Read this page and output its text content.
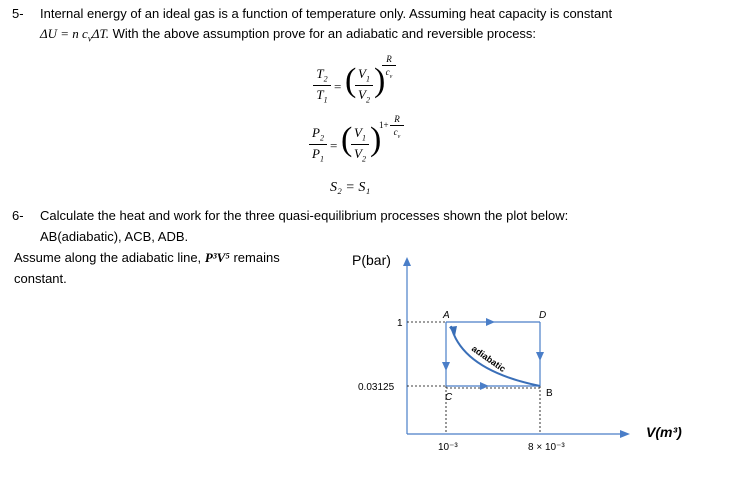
5- Internal energy of an ideal gas is a function of temperature only. Assuming heat capacity is constant
ΔU = n $c_v\Delta T$. With the above assumption prove for an adiabatic and reversible process:
$T_2$
$T_1$
= ( $V_1$
$V_2$
)
R
$c_v$
$P_2$
$P_1$
= ( $V_1$
$V_2$
)
1+
R
$c_v$
S₂ = S₁
6- Calculate the heat and work for the three quasi-equilibrium processes shown the plot below:
AB(adiabatic), ACB, ADB.
Assume along the adiabatic line, P³V⁵ remains
constant.
P(bar)
V(m³)
1
0.03125
10⁻³	8 × 10⁻³
adiabatic
A	D
B
C
